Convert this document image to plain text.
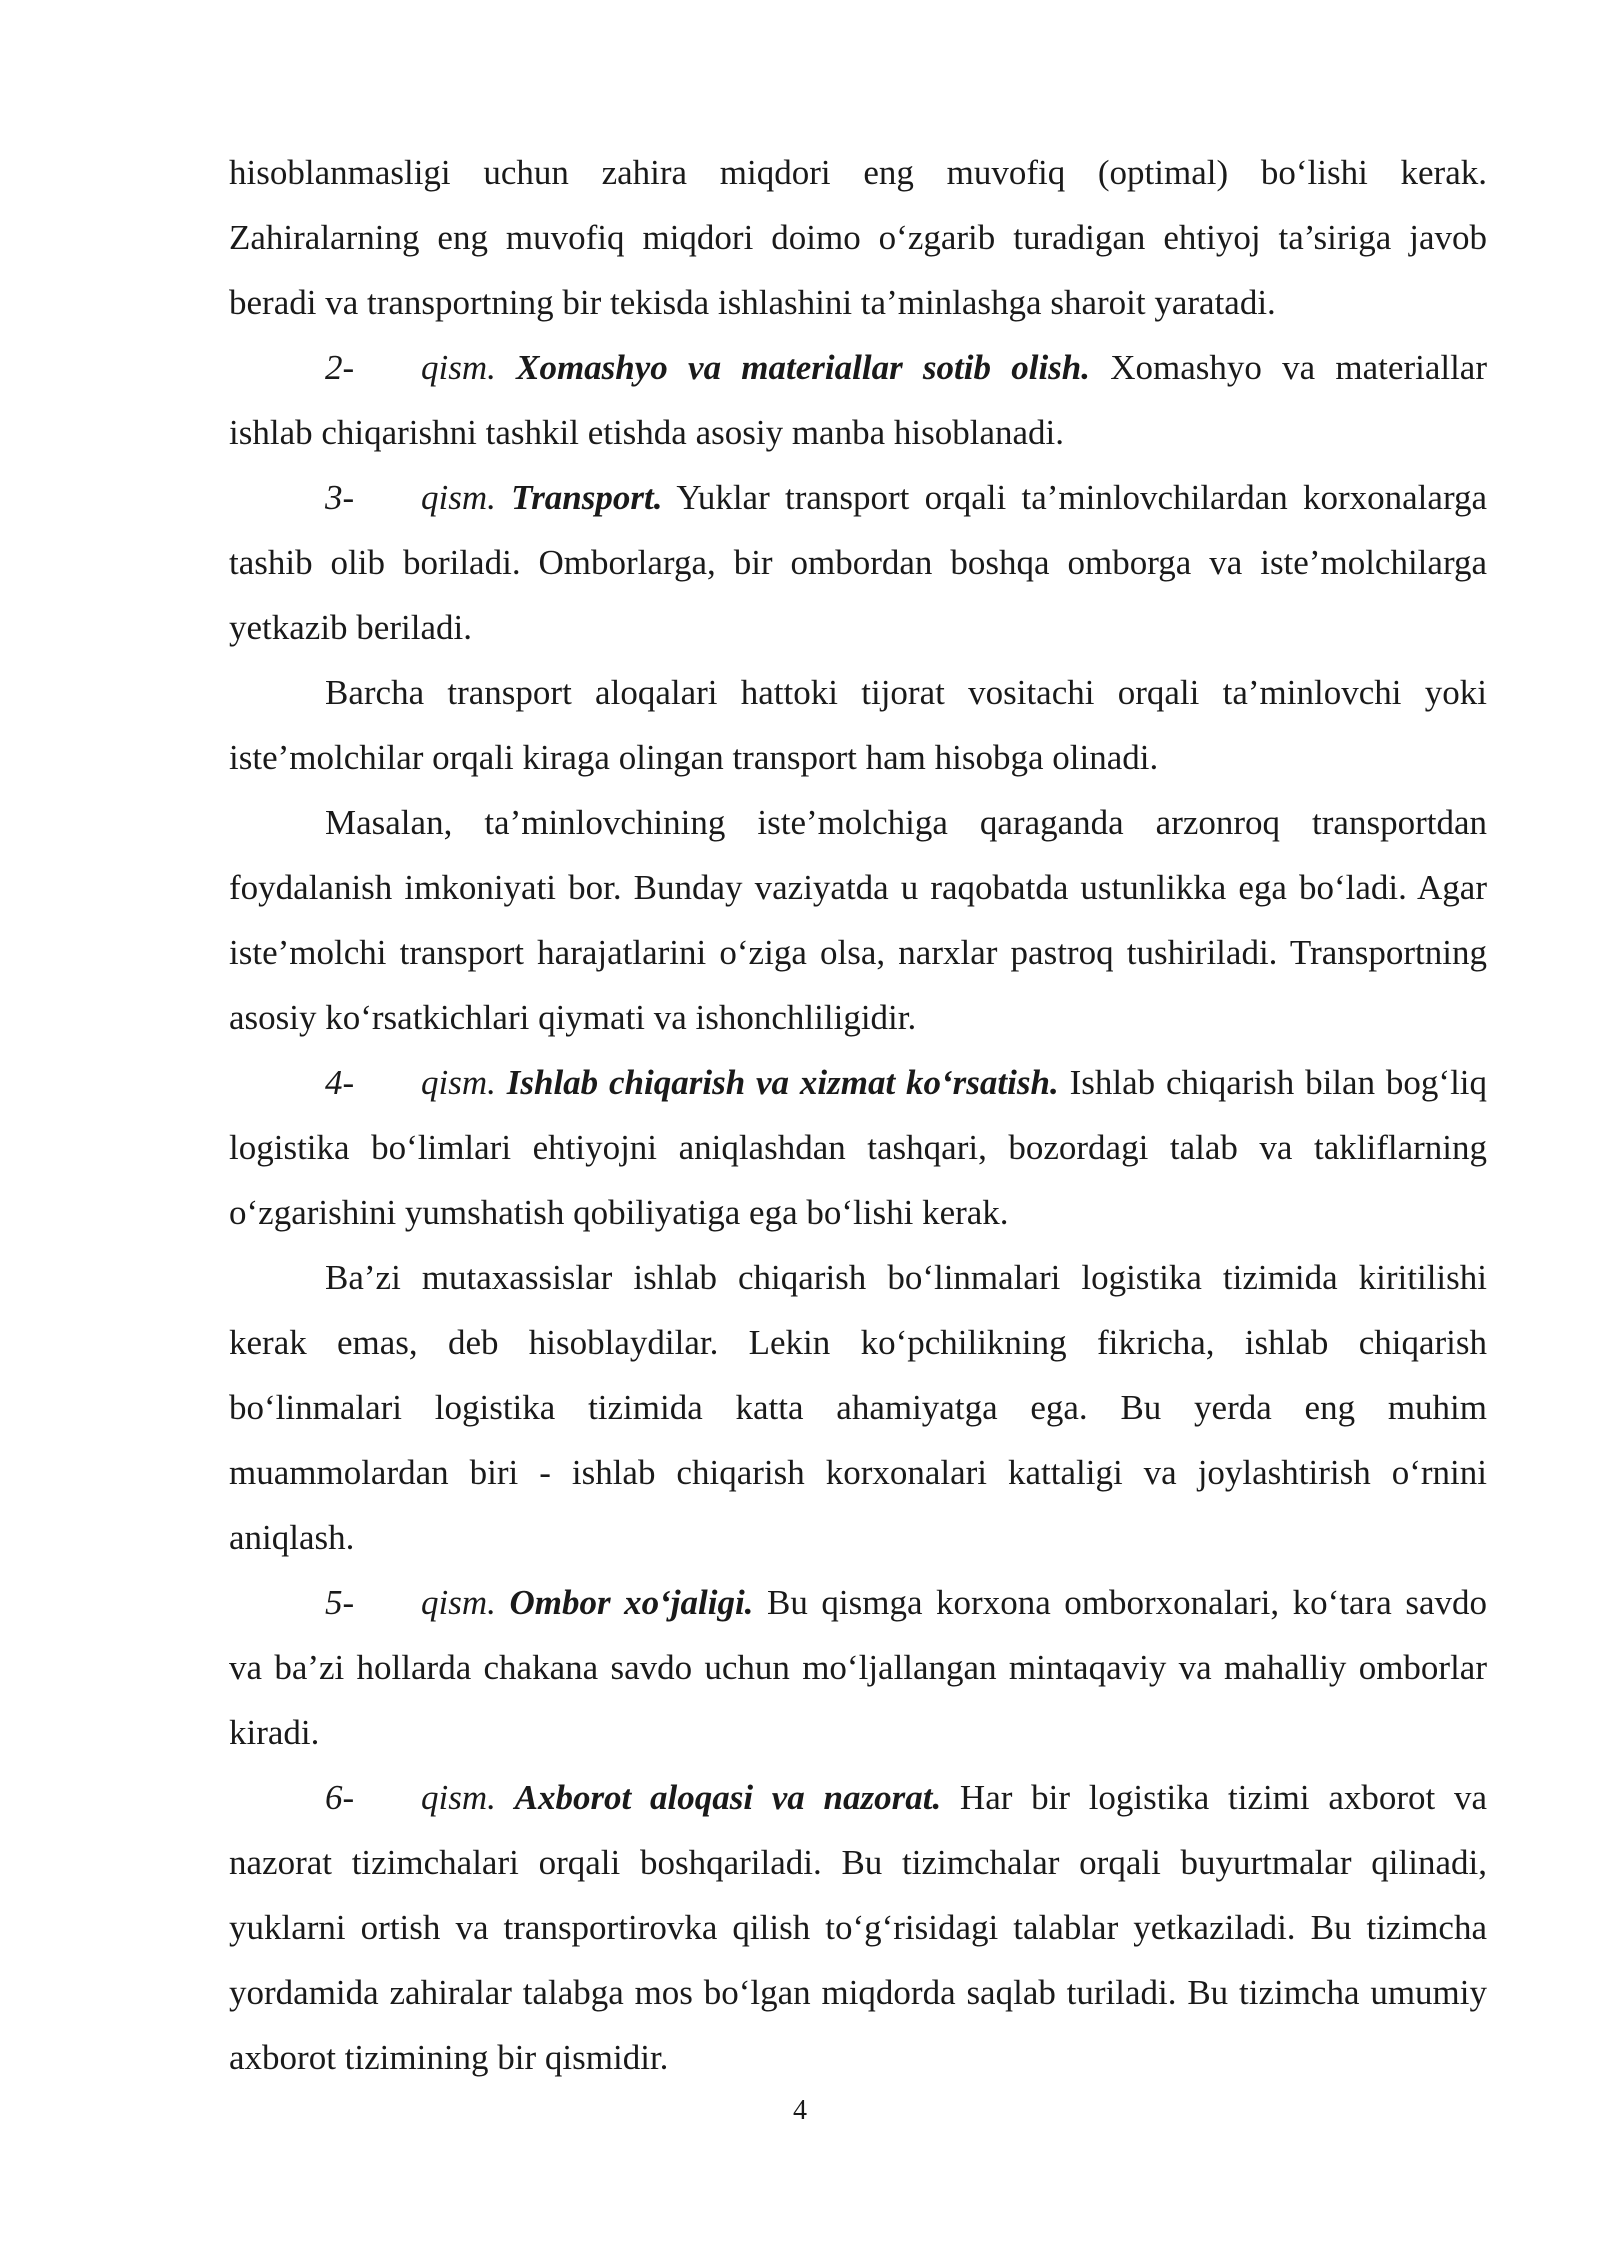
hisoblanmasligi uchun zahira miqdori eng muvofiq (optimal) bo‘lishi kerak. Zahiralarning eng muvofiq miqdori doimo o‘zgarib turadigan ehtiyoj ta’siriga javob beradi va transportning bir tekisda ishlashini ta’minlashga sharoit yaratadi.

2- qism. Xomashyo va materiallar sotib olish. Xomashyo va materiallar ishlab chiqarishni tashkil etishda asosiy manba hisoblanadi.

3- qism. Transport. Yuklar transport orqali ta’minlovchilardan korxonalarga tashib olib boriladi. Omborlarga, bir ombordan boshqa omborga va iste’molchilarga yetkazib beriladi.

Barcha transport aloqalari hattoki tijorat vositachi orqali ta’minlovchi yoki iste’molchilar orqali kiraga olingan transport ham hisobga olinadi.

Masalan, ta’minlovchining iste’molchiga qaraganda arzonroq transportdan foydalanish imkoniyati bor. Bunday vaziyatda u raqobatda ustunlikka ega bo‘ladi. Agar iste’molchi transport harajatlarini o‘ziga olsa, narxlar pastroq tushiriladi. Transportning asosiy ko‘rsatkichlari qiymati va ishonchliligidir.

4- qism. Ishlab chiqarish va xizmat ko‘rsatish. Ishlab chiqarish bilan bog‘liq logistika bo‘limlari ehtiyojni aniqlashdan tashqari, bozordagi talab va takliflarning o‘zgarishini yumshatish qobiliyatiga ega bo‘lishi kerak.

Ba’zi mutaxassislar ishlab chiqarish bo‘linmalari logistika tizimida kiritilishi kerak emas, deb hisoblaydilar. Lekin ko‘pchilikning fikricha, ishlab chiqarish bo‘linmalari logistika tizimida katta ahamiyatga ega. Bu yerda eng muhim muammolardan biri - ishlab chiqarish korxonalari kattaligi va joylashtirish o‘rnini aniqlash.

5- qism. Ombor xo‘jaligi. Bu qismga korxona omborxonalari, ko‘tara savdo va ba’zi hollarda chakana savdo uchun mo‘ljallangan mintaqaviy va mahalliy omborlar kiradi.

6- qism. Axborot aloqasi va nazorat. Har bir logistika tizimi axborot va nazorat tizimchalari orqali boshqariladi. Bu tizimchalar orqali buyurtmalar qilinadi, yuklarni ortish va transportirovka qilish to‘g‘risidagi talablar yetkaziladi. Bu tizimcha yordamida zahiralar talabga mos bo‘lgan miqdorda saqlab turiladi. Bu tizimcha umumiy axborot tizimining bir qismidir.

4
